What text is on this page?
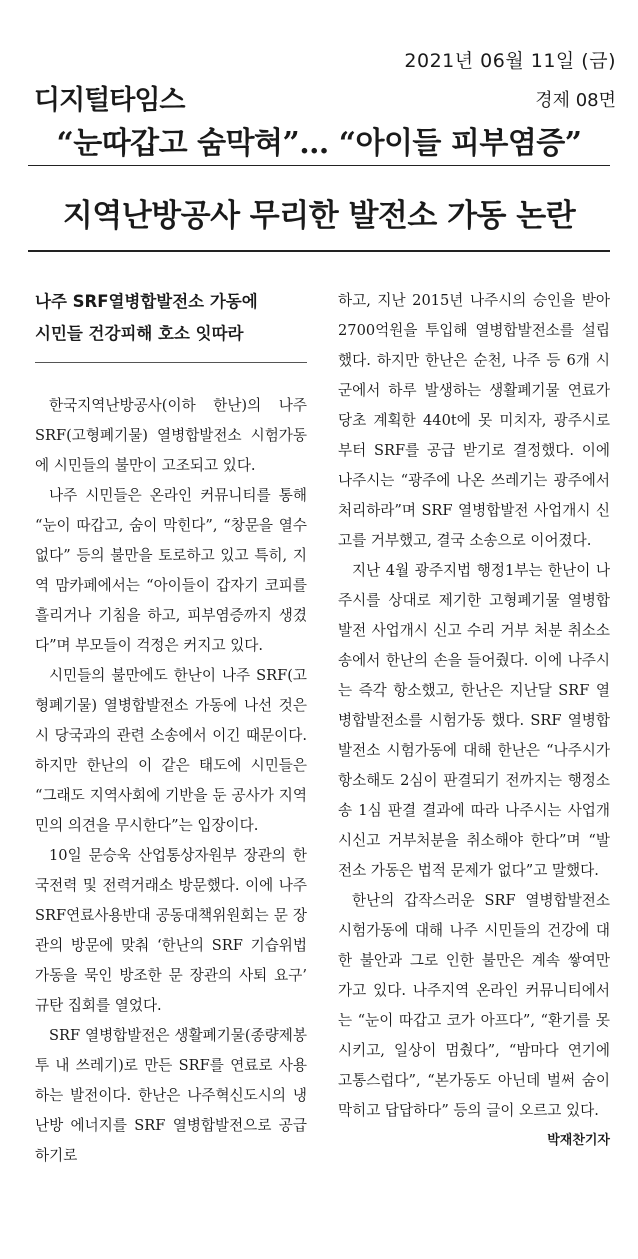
2021년 06월 11일 (금)
디지털타임스	경제 08면
“눈따갑고 숨막혀”… “아이들 피부염증”
지역난방공사 무리한 발전소 가동 논란
나주 SRF열병합발전소 가동에
시민들 건강피해 호소 잇따라

한국지역난방공사(이하 한난)의 나주 SRF(고형폐기물) 열병합발전소 시험가동에 시민들의 불만이 고조되고 있다.

나주 시민들은 온라인 커뮤니티를 통해 “눈이 따갑고, 숨이 막힌다”, “창문을 열수 없다” 등의 불만을 토로하고 있고 특히, 지역 맘카페에서는 “아이들이 갑자기 코피를 흘리거나 기침을 하고, 피부염증까지 생겼다”며 부모들이 걱정은 커지고 있다.

시민들의 불만에도 한난이 나주 SRF(고형폐기물) 열병합발전소 가동에 나선 것은 시 당국과의 관련 소송에서 이긴 때문이다. 하지만 한난의 이 같은 태도에 시민들은 “그래도 지역사회에 기반을 둔 공사가 지역민의 의견을 무시한다”는 입장이다.

10일 문승욱 산업통상자원부 장관의 한국전력 및 전력거래소 방문했다. 이에 나주 SRF연료사용반대 공동대책위원회는 문 장관의 방문에 맞춰 ‘한난의 SRF 기습위법 가동을 묵인 방조한 문 장관의 사퇴 요구’ 규탄 집회를 열었다.

SRF 열병합발전은 생활폐기물(종량제봉투 내 쓰레기)로 만든 SRF를 연료로 사용하는 발전이다. 한난은 나주혁신도시의 냉난방 에너지를 SRF 열병합발전으로 공급하기로

하고, 지난 2015년 나주시의 승인을 받아 2700억원을 투입해 열병합발전소를 설립했다. 하지만 한난은 순천, 나주 등 6개 시군에서 하루 발생하는 생활폐기물 연료가 당초 계획한 440t에 못 미치자, 광주시로부터 SRF를 공급 받기로 결정했다. 이에 나주시는 “광주에 나온 쓰레기는 광주에서 처리하라”며 SRF 열병합발전 사업개시 신고를 거부했고, 결국 소송으로 이어졌다.

지난 4월 광주지법 행정1부는 한난이 나주시를 상대로 제기한 고형폐기물 열병합발전 사업개시 신고 수리 거부 처분 취소소송에서 한난의 손을 들어줬다. 이에 나주시는 즉각 항소했고, 한난은 지난달 SRF 열병합발전소를 시험가동 했다. SRF 열병합발전소 시험가동에 대해 한난은 “나주시가 항소해도 2심이 판결되기 전까지는 행정소송 1심 판결 결과에 따라 나주시는 사업개시신고 거부처분을 취소해야 한다”며 “발전소 가동은 법적 문제가 없다”고 말했다.

한난의 갑작스러운 SRF 열병합발전소 시험가동에 대해 나주 시민들의 건강에 대한 불안과 그로 인한 불만은 계속 쌓여만 가고 있다. 나주지역 온라인 커뮤니티에서는 “눈이 따갑고 코가 아프다”, “환기를 못 시키고, 일상이 멈췄다”, “밤마다 연기에 고통스럽다”, “본가동도 아닌데 벌써 숨이 막히고 답답하다” 등의 글이 오르고 있다.

박재찬기자
